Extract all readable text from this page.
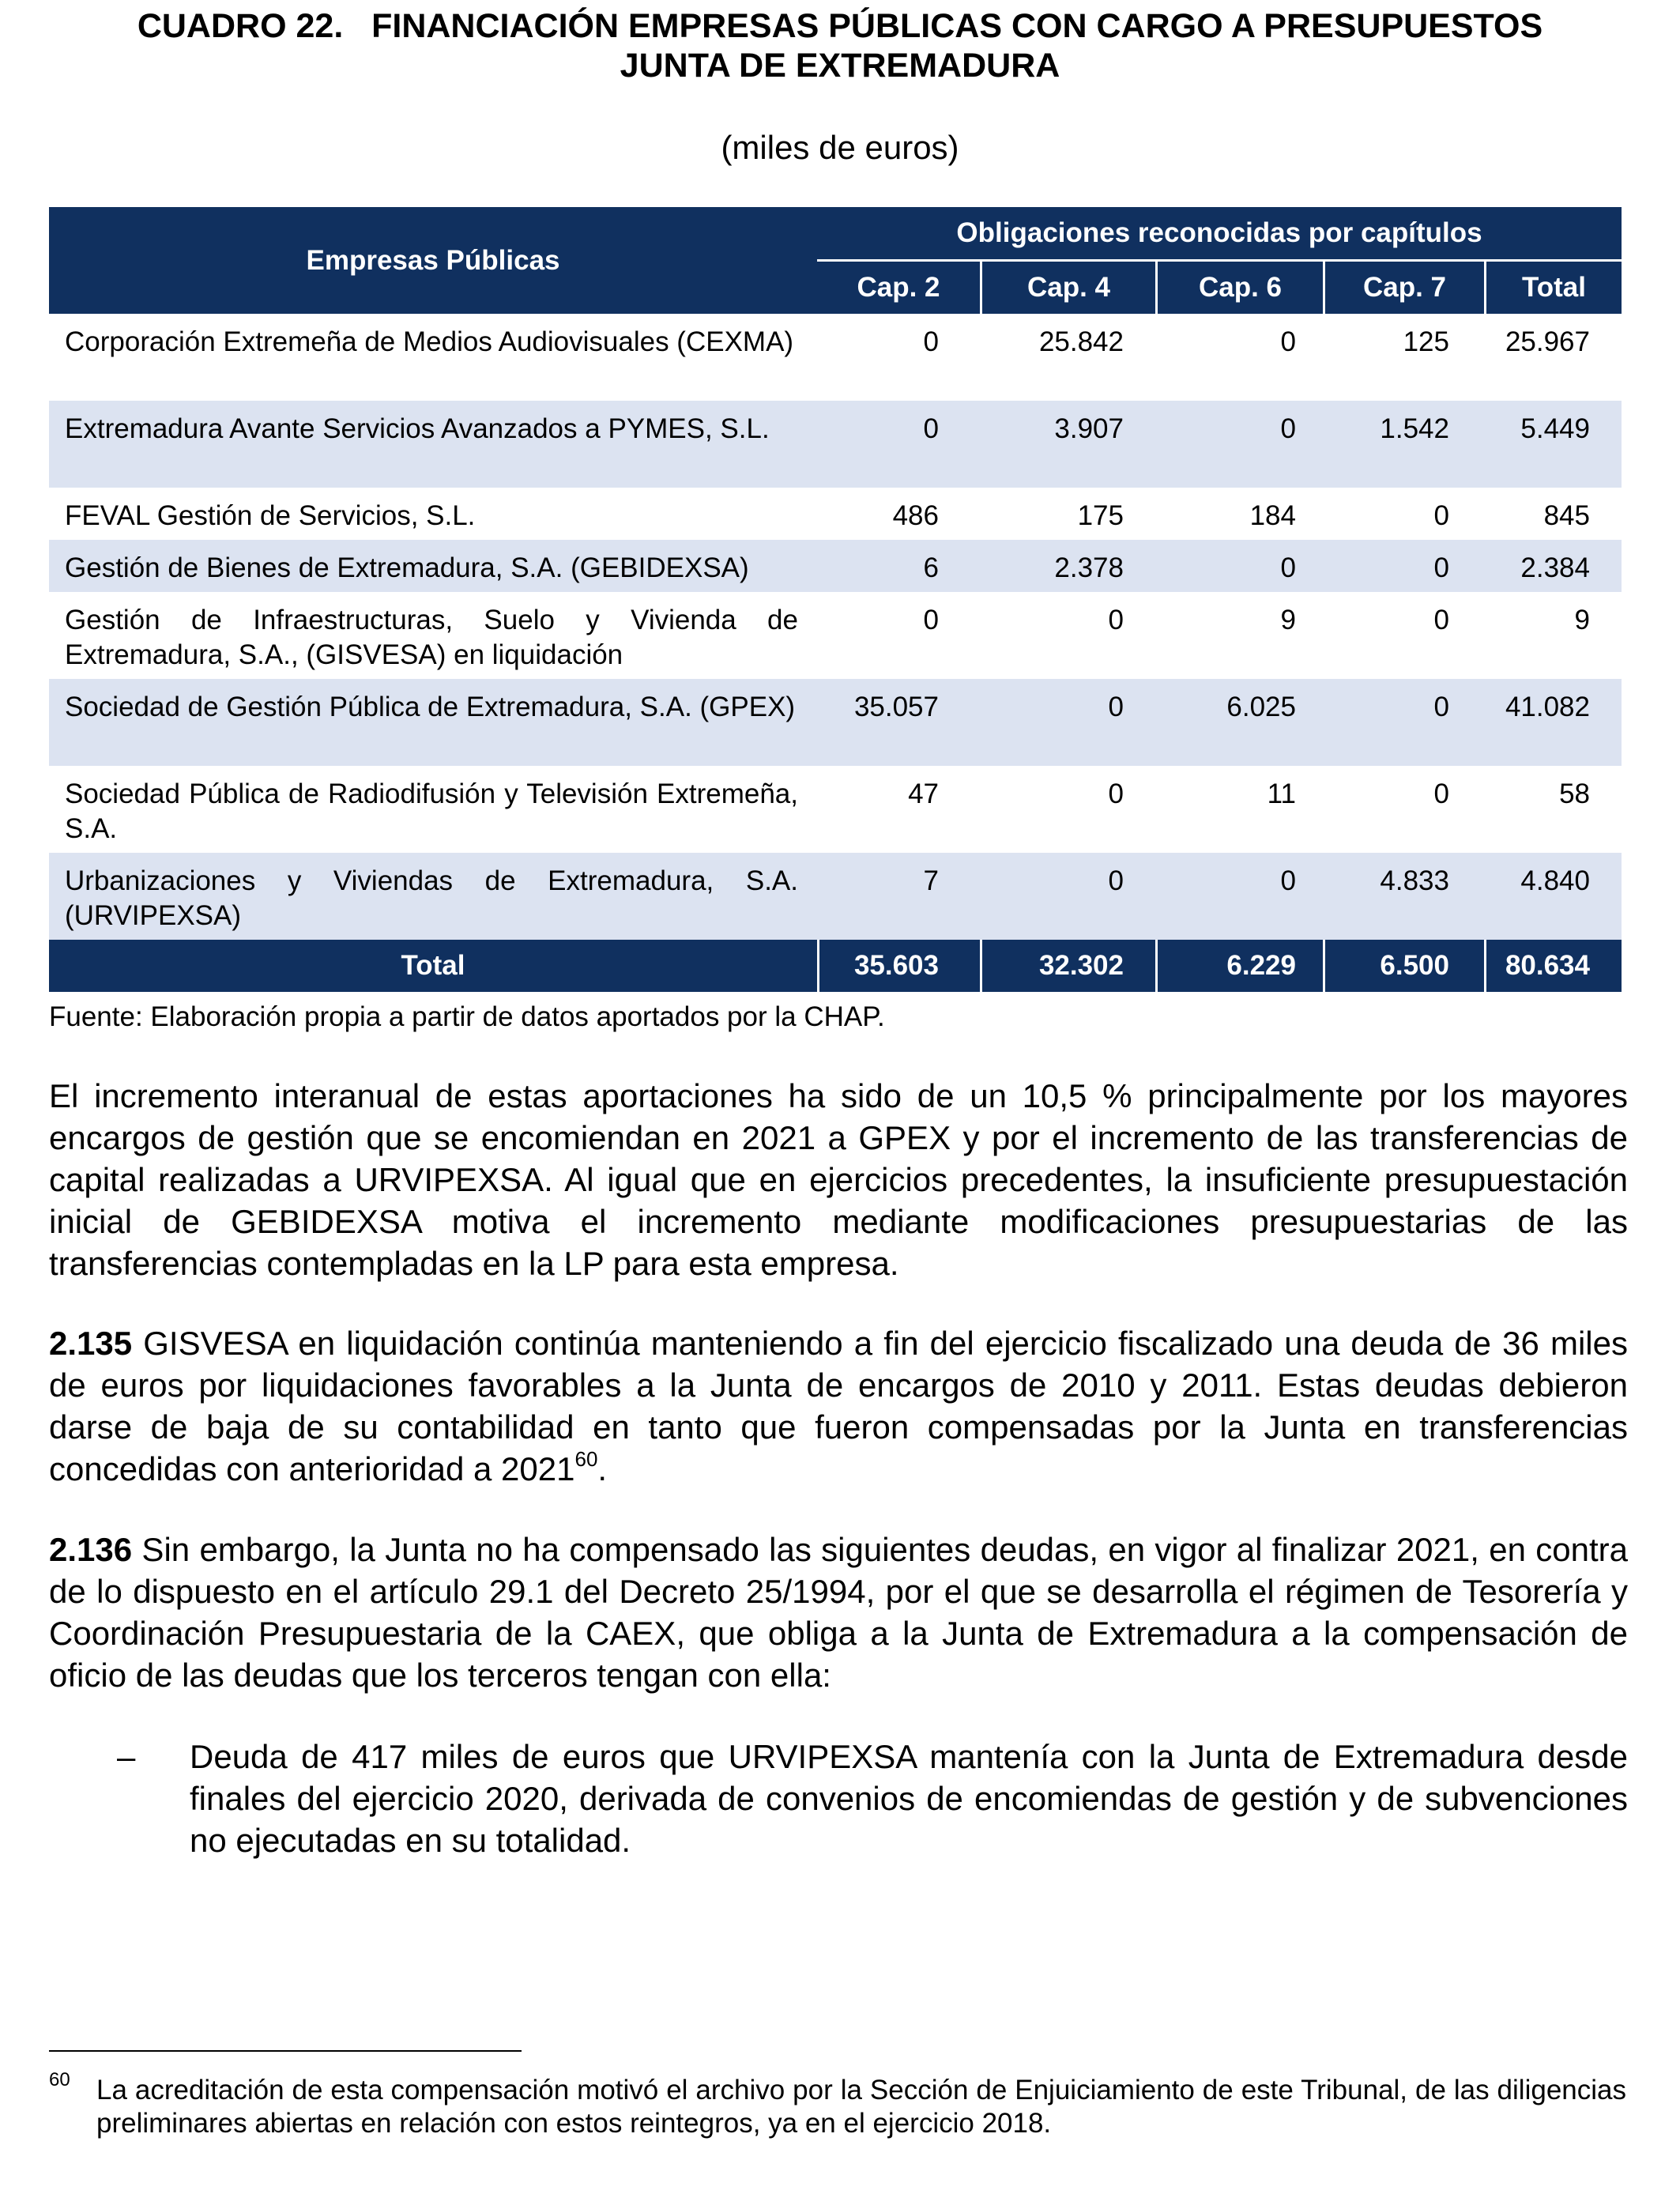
CUADRO 22.   FINANCIACIÓN EMPRESAS PÚBLICAS CON CARGO A PRESUPUESTOS
JUNTA DE EXTREMADURA
(miles de euros)
Empresas Públicas	Obligaciones reconocidas por capítulos				
	Cap. 2	Cap. 4	Cap. 6	Cap. 7	Total
Corporación Extremeña de Medios Audiovisuales (CEXMA)	0	25.842	0	125	25.967
Extremadura Avante Servicios Avanzados a PYMES, S.L.	0	3.907	0	1.542	5.449
FEVAL Gestión de Servicios, S.L.	486	175	184	0	845
Gestión de Bienes de Extremadura, S.A. (GEBIDEXSA)	6	2.378	0	0	2.384
Gestión de Infraestructuras, Suelo y Vivienda de Extremadura, S.A., (GISVESA) en liquidación	0	0	9	0	9
Sociedad de Gestión Pública de Extremadura, S.A. (GPEX)	35.057	0	6.025	0	41.082
Sociedad Pública de Radiodifusión y Televisión Extremeña, S.A.	47	0	11	0	58
Urbanizaciones y Viviendas de Extremadura, S.A. (URVIPEXSA)	7	0	0	4.833	4.840
Total	35.603	32.302	6.229	6.500	80.634
Fuente: Elaboración propia a partir de datos aportados por la CHAP.
El incremento interanual de estas aportaciones ha sido de un 10,5 % principalmente por los mayores encargos de gestión que se encomiendan en 2021 a GPEX y por el incremento de las transferencias de capital realizadas a URVIPEXSA. Al igual que en ejercicios precedentes, la insuficiente presupuestación inicial de GEBIDEXSA motiva el incremento mediante modificaciones presupuestarias de las transferencias contempladas en la LP para esta empresa.
2.135 GISVESA en liquidación continúa manteniendo a fin del ejercicio fiscalizado una deuda de 36 miles de euros por liquidaciones favorables a la Junta de encargos de 2010 y 2011. Estas deudas debieron darse de baja de su contabilidad en tanto que fueron compensadas por la Junta en transferencias concedidas con anterioridad a 2021$^{60}$.
2.136 Sin embargo, la Junta no ha compensado las siguientes deudas, en vigor al finalizar 2021, en contra de lo dispuesto en el artículo 29.1 del Decreto 25/1994, por el que se desarrolla el régimen de Tesorería y Coordinación Presupuestaria de la CAEX, que obliga a la Junta de Extremadura a la compensación de oficio de las deudas que los terceros tengan con ella:
– Deuda de 417 miles de euros que URVIPEXSA mantenía con la Junta de Extremadura desde finales del ejercicio 2020, derivada de convenios de encomiendas de gestión y de subvenciones no ejecutadas en su totalidad.
60 La acreditación de esta compensación motivó el archivo por la Sección de Enjuiciamiento de este Tribunal, de las diligencias preliminares abiertas en relación con estos reintegros, ya en el ejercicio 2018.
